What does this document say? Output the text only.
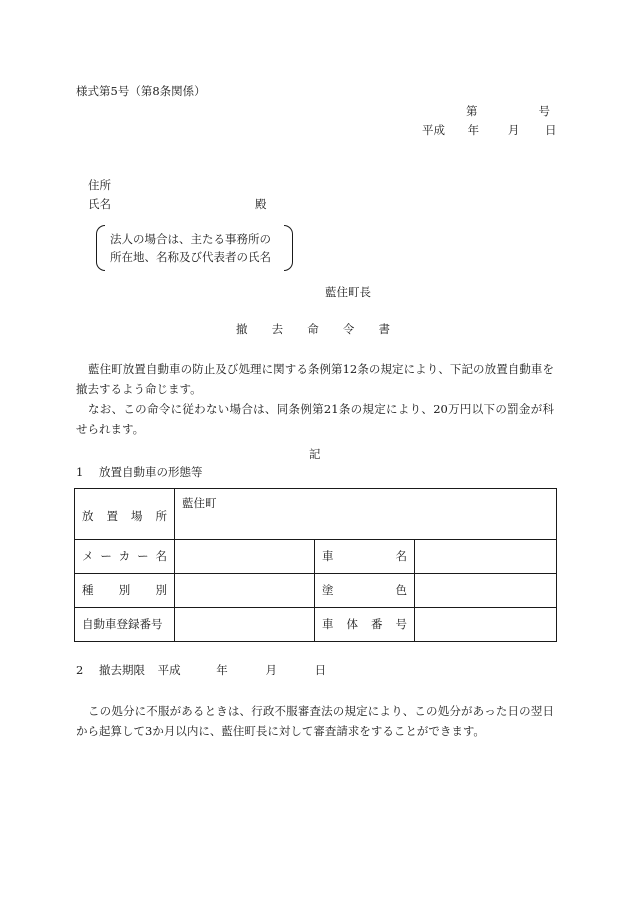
様式第5号（第8条関係）
第	号
平成 年 月 日
住所
氏名	殿
法人の場合は、主たる事務所の
所在地、名称及び代表者の氏名
藍住町長
撤 去 命 令 書
藍住町放置自動車の防止及び処理に関する条例第12条の規定により、下記の放置自動車を撤去するよう命じます。
なお、この命令に従わない場合は、同条例第21条の規定により、20万円以下の罰金が科せられます。
記
1 放置自動車の形態等
放 置 場 所	藍住町		

メ ー カ ー 名		車 名	

種 別 別		塗 色	

自動車登録番号		車 体 番 号	

2 撤去期限 平成	年	月	日
この処分に不服があるときは、行政不服審査法の規定により、この処分があった日の翌日から起算して3か月以内に、藍住町長に対して審査請求をすることができます。
